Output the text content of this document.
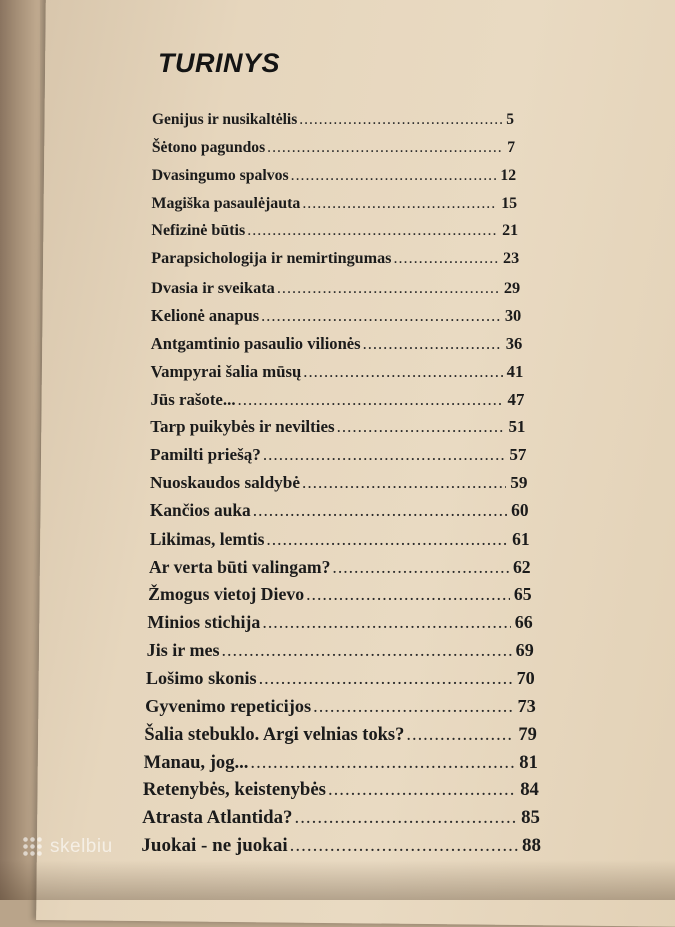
TURINYS
Genijus ir nusikaltėlis .....	5
Šėtono pagundos .....	7
Dvasingumo spalvos .....	12
Magiška pasaulėjauta .....	15
Nefizinė būtis .....	21
Parapsichologija ir nemirtingumas .....	23
Dvasia ir sveikata .....	29
Kelionė anapus .....	30
Antgamtinio pasaulio vilionės .....	36
Vampyrai šalia mūsų .....	41
Jūs rašote... .....	47
Tarp puikybės ir nevilties .....	51
Pamilti priešą? .....	57
Nuoskaudos saldybė .....	59
Kančios auka .....	60
Likimas, lemtis .....	61
Ar verta būti valingam? .....	62
Žmogus vietoj Dievo .....	65
Minios stichija .....	66
Jis ir mes .....	69
Lošimo skonis .....	70
Gyvenimo repeticijos .....	73
Šalia stebuklo. Argi velnias toks? .....	79
Manau, jog... .....	81
Retenybės, keistenybės .....	84
Atrasta Atlantida? .....	85
Juokai - ne juokai .....	88
skelbiu
